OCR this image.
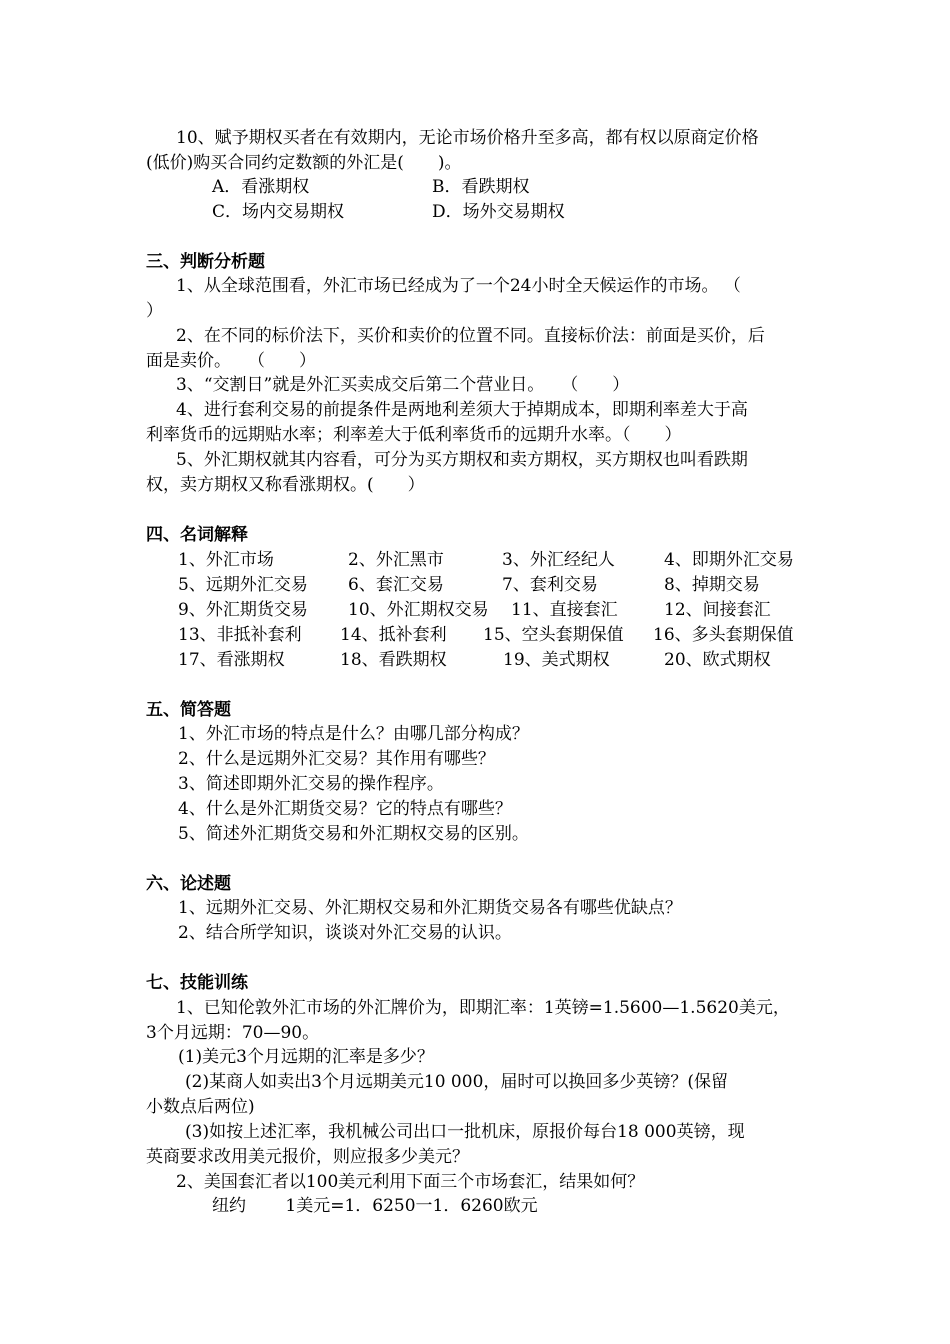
10、赋予期权买者在有效期内，无论市场价格升至多高，都有权以原商定价格
(低价)购买合同约定数额的外汇是(　　)。
A．看涨期权	B．看跌期权
C．场内交易期权	D．场外交易期权
三、判断分析题
1、从全球范围看，外汇市场已经成为了一个24小时全天候运作的市场。 （
）
2、在不同的标价法下，买价和卖价的位置不同。直接标价法：前面是买价，后
面是卖价。　　（　　）
3、“交割日”就是外汇买卖成交后第二个营业日。　　（　　）
4、进行套利交易的前提条件是两地利差须大于掉期成本，即期利率差大于高
利率货币的远期贴水率；利率差大于低利率货币的远期升水率。（　　）
5、外汇期权就其内容看，可分为买方期权和卖方期权，买方期权也叫看跌期
权，卖方期权又称看涨期权。(　　）
四、名词解释
1、外汇市场	2、外汇黑市	3、外汇经纪人	4、即期外汇交易
5、远期外汇交易 6、套汇交易	7、套利交易	8、掉期交易
9、外汇期货交易 10、外汇期权交易 11、直接套汇	12、间接套汇
13、非抵补套利 14、抵补套利 15、空头套期保值 16、多头套期保值
17、看涨期权	18、看跌期权	19、美式期权	20、欧式期权
五、简答题
1、外汇市场的特点是什么？由哪几部分构成？
2、什么是远期外汇交易？其作用有哪些？
3、简述即期外汇交易的操作程序。
4、什么是外汇期货交易？它的特点有哪些？
5、简述外汇期货交易和外汇期权交易的区别。
六、论述题
1、远期外汇交易、外汇期权交易和外汇期货交易各有哪些优缺点？
2、结合所学知识，谈谈对外汇交易的认识。
七、技能训练
1、已知伦敦外汇市场的外汇牌价为，即期汇率：1英镑=1.5600—1.5620美元，
3个月远期：70—90。
(1)美元3个月远期的汇率是多少？
(2)某商人如卖出3个月远期美元10 000，届时可以换回多少英镑？(保留
小数点后两位)
(3)如按上述汇率，我机械公司出口一批机床，原报价每台18 000英镑，现
英商要求改用美元报价，则应报多少美元？
2、美国套汇者以100美元利用下面三个市场套汇，结果如何？
纽约　　 1美元=1．6250一1．6260欧元
